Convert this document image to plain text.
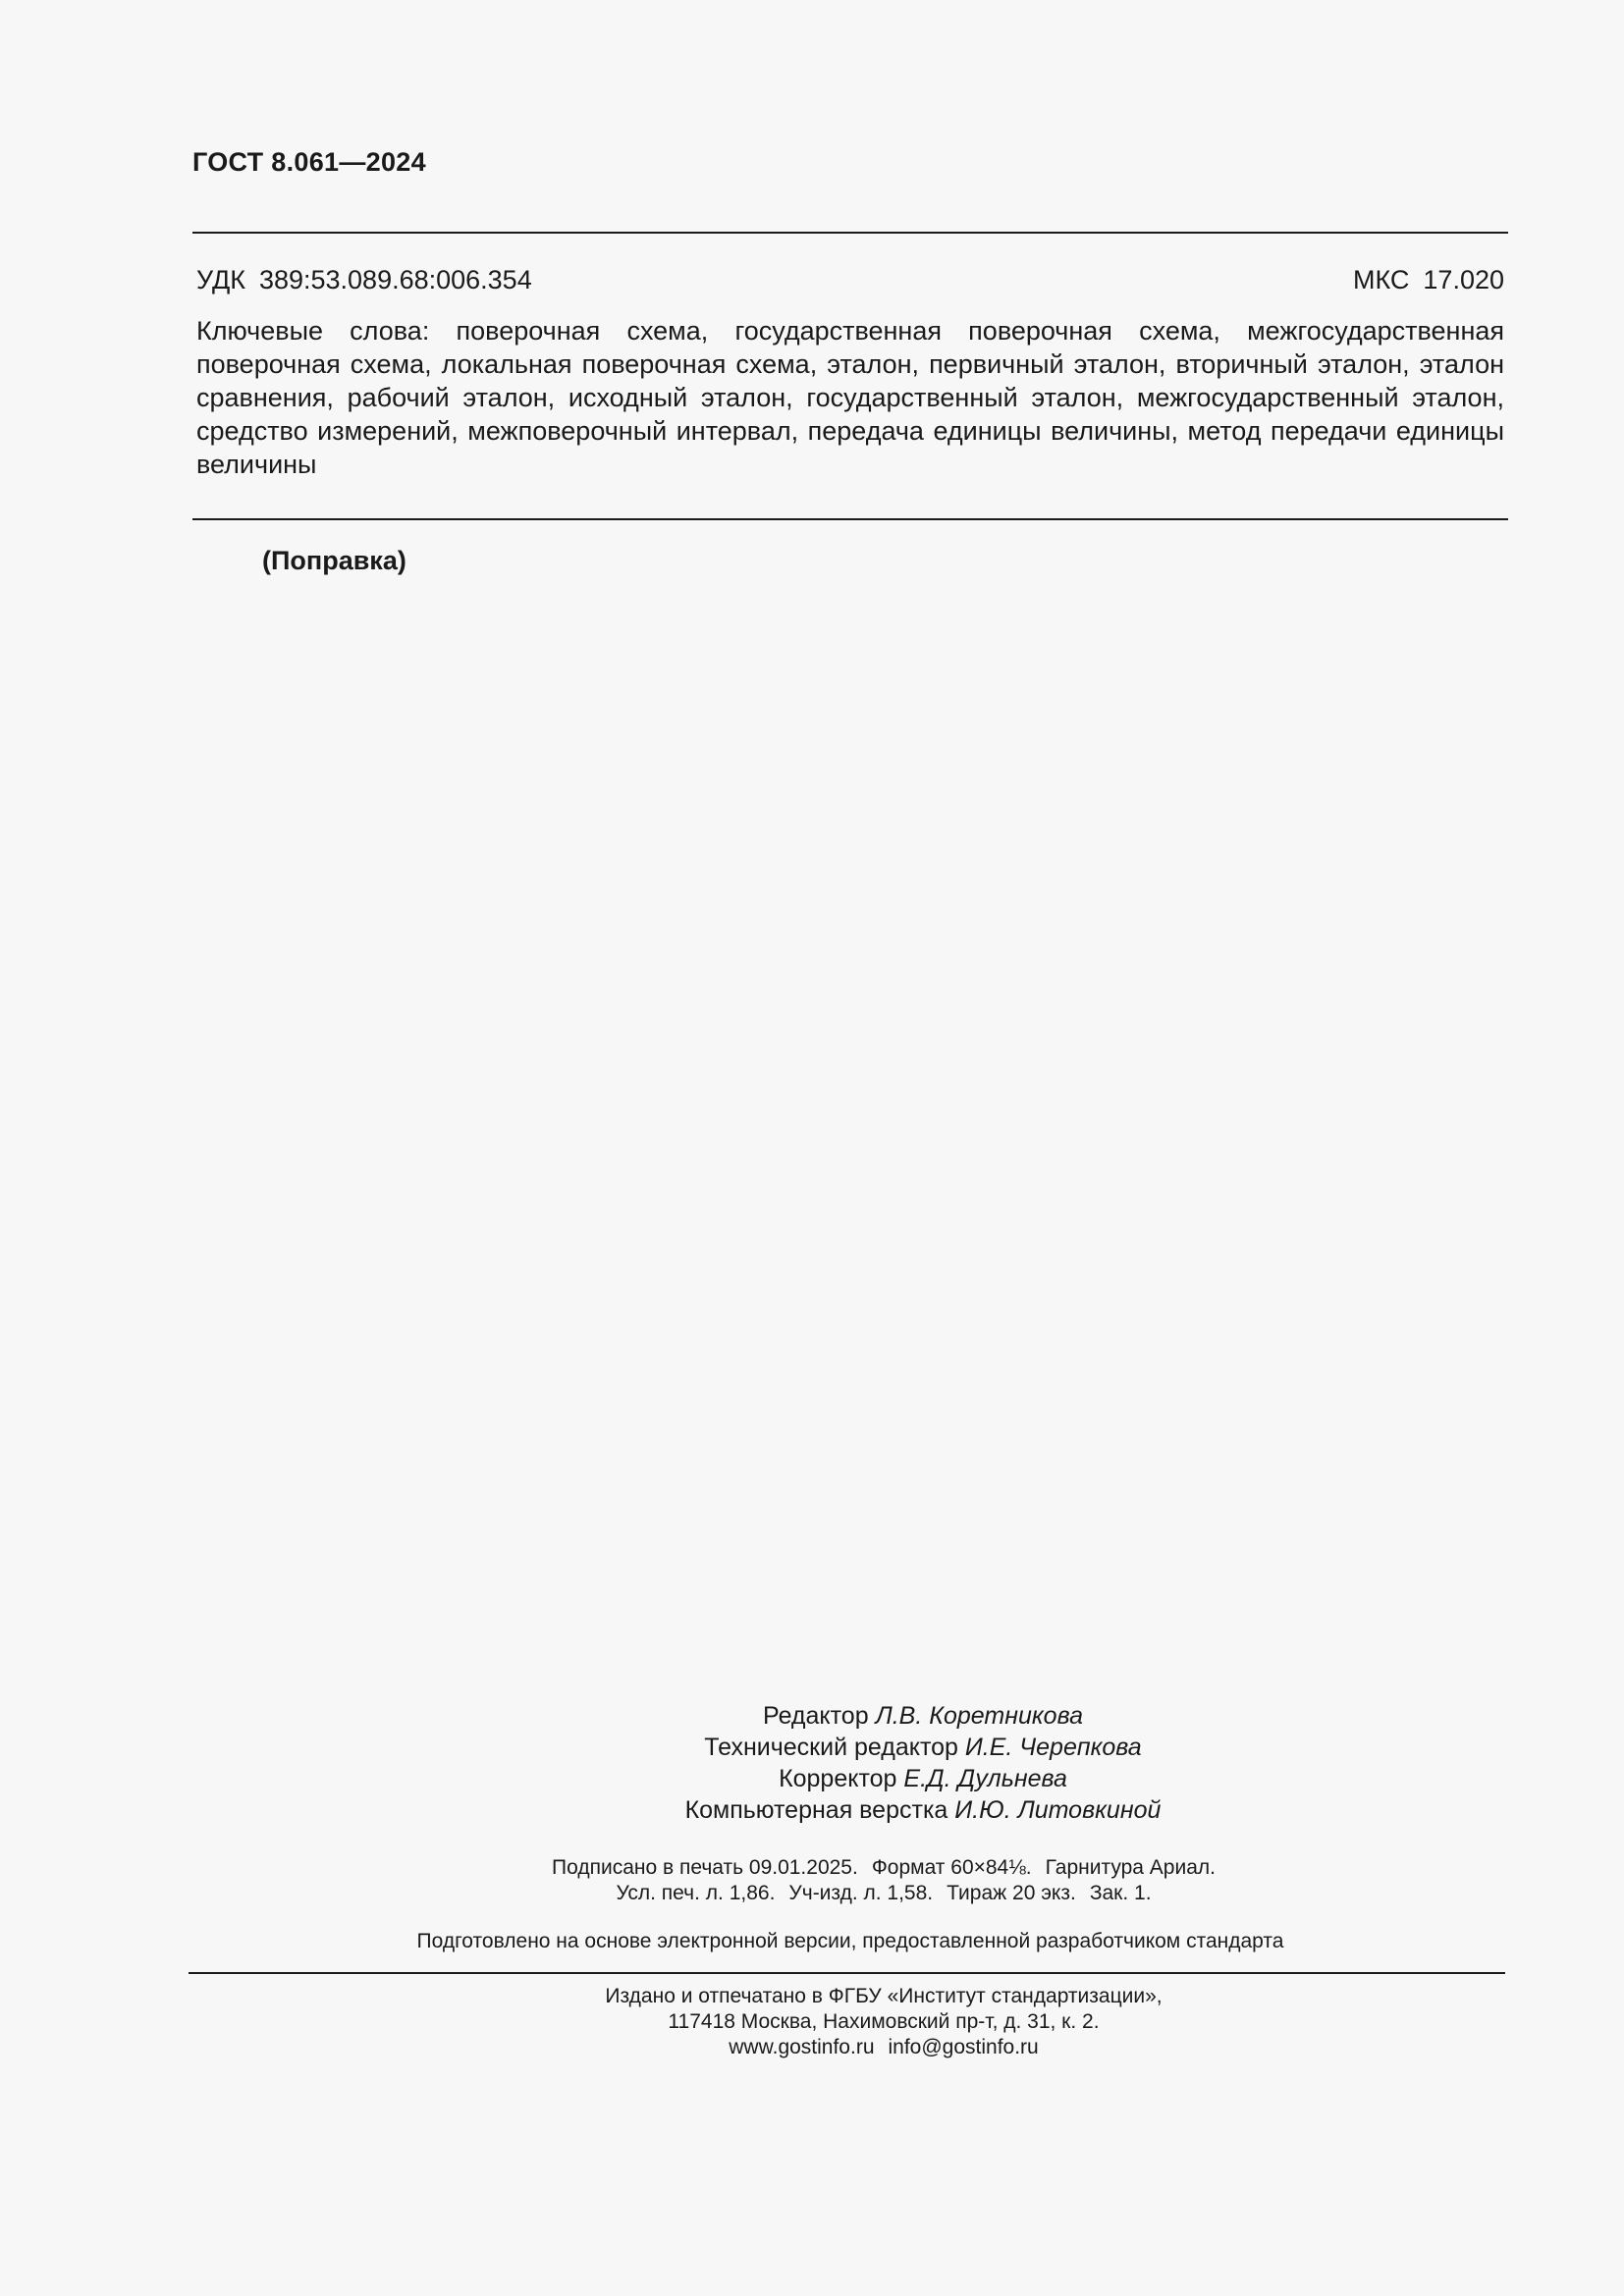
ГОСТ 8.061—2024
УДК 389:53.089.68:006.354	МКС 17.020
Ключевые слова: поверочная схема, государственная поверочная схема, межгосударственная поверочная схема, локальная поверочная схема, эталон, первичный эталон, вторичный эталон, эталон сравнения, рабочий эталон, исходный эталон, государственный эталон, межгосударственный эталон, средство измерений, межповерочный интервал, передача единицы величины, метод передачи единицы величины
(Поправка)
Редактор Л.В. Коретникова
Технический редактор И.Е. Черепкова
Корректор Е.Д. Дульнева
Компьютерная верстка И.Ю. Литовкиной
Подписано в печать 09.01.2025. Формат 60×84⅛. Гарнитура Ариал.
Усл. печ. л. 1,86. Уч-изд. л. 1,58. Тираж 20 экз. Зак. 1.
Подготовлено на основе электронной версии, предоставленной разработчиком стандарта
Издано и отпечатано в ФГБУ «Институт стандартизации»,
117418 Москва, Нахимовский пр-т, д. 31, к. 2.
www.gostinfo.ru info@gostinfo.ru
